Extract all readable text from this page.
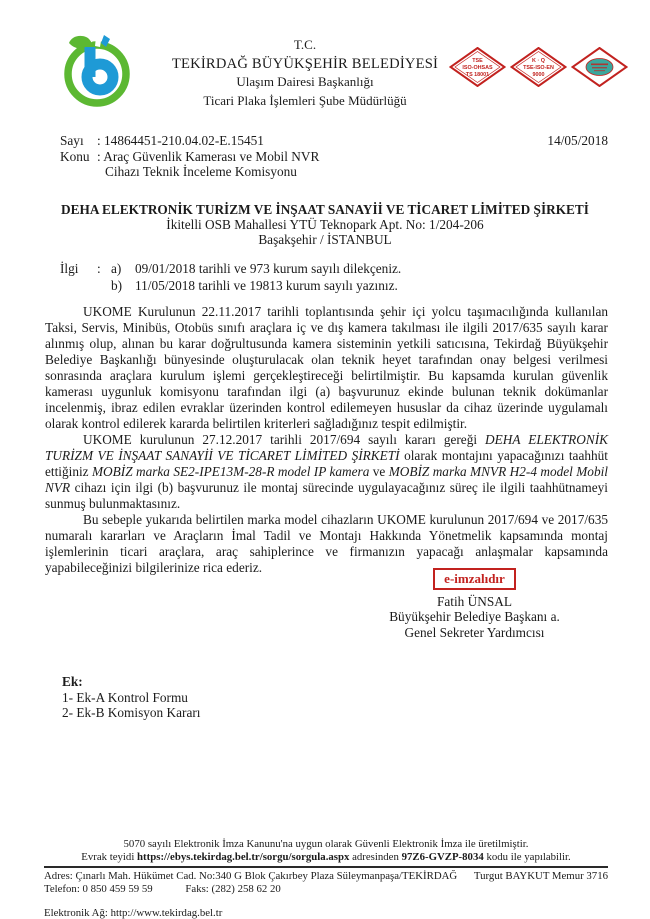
T.C.
TEKİRDAĞ BÜYÜKŞEHİR BELEDİYESİ
Ulaşım Dairesi Başkanlığı
Ticari Plaka İşlemleri Şube Müdürlüğü
TSE
ISO-OHSAS
TS 18001
K · Q
TSE-ISO-EN
9000
Sayı	: 14864451-210.04.02-E.15451	14/05/2018
Konu : Araç Güvenlik Kamerası ve Mobil NVR
Cihazı Teknik İnceleme Komisyonu
DEHA ELEKTRONİK TURİZM VE İNŞAAT SANAYİİ VE TİCARET LİMİTED ŞİRKETİ
İkitelli OSB Mahallesi YTÜ Teknopark Apt. No: 1/204-206
Başakşehir / İSTANBUL
İlgi	: a)	09/01/2018 tarihli ve 973 kurum sayılı dilekçeniz.
b) 11/05/2018 tarihli ve 19813 kurum sayılı yazınız.

UKOME Kurulunun 22.11.2017 tarihli toplantısında şehir içi yolcu taşımacılığında kullanılan Taksi, Servis, Minibüs, Otobüs sınıfı araçlara iç ve dış kamera takılması ile ilgili 2017/635 sayılı karar alınmış olup, alınan bu karar doğrultusunda kamera sisteminin yetkili satıcısına, Tekirdağ Büyükşehir Belediye Başkanlığı bünyesinde oluşturulacak olan teknik heyet tarafından onay belgesi verilmesi sonrasında araçlara kurulum işlemi gerçekleştireceği belirtilmiştir. Bu kapsamda kurulan güvenlik kamerası uygunluk komisyonu tarafından ilgi (a) başvurunuz ekinde bulunan teknik dokümanlar incelenmiş, ibraz edilen evraklar üzerinden kontrol edilemeyen hususlar da cihaz üzerinde uygulamalı olarak kontrol edilerek kararda belirtilen kriterleri sağladığınız tespit edilmiştir.

UKOME kurulunun 27.12.2017 tarihli 2017/694 sayılı kararı gereği DEHA ELEKTRONİK TURİZM VE İNŞAAT SANAYİİ VE TİCARET LİMİTED ŞİRKETİ olarak montajını yapacağınızı taahhüt ettiğiniz MOBİZ marka SE2-IPE13M-28-R model IP kamera ve MOBİZ marka MNVR H2-4 model Mobil NVR cihazı için ilgi (b) başvurunuz ile montaj sürecinde uygulayacağınız süreç ile ilgili taahhütnameyi sunmuş bulunmaktasınız.

Bu sebeple yukarıda belirtilen marka model cihazların UKOME kurulunun 2017/694 ve 2017/635 numaralı kararları ve Araçların İmal Tadil ve Montajı Hakkında Yönetmelik kapsamında montaj işlemlerinin ticari araçlara, araç sahiplerince ve firmanızın yapacağı anlaşmalar kapsamında yapabileceğinizi bilgilerinize rica ederiz.

e-imzalıdır
Fatih ÜNSAL
Büyükşehir Belediye Başkanı a.
Genel Sekreter Yardımcısı
Ek:
1- Ek-A Kontrol Formu
2- Ek-B Komisyon Kararı
5070 sayılı Elektronik İmza Kanunu'na uygun olarak Güvenli Elektronik İmza ile üretilmiştir.
Evrak teyidi https://ebys.tekirdag.bel.tr/sorgu/sorgula.aspx adresinden 97Z6-GVZP-8034 kodu ile yapılabilir.
Adres: Çınarlı Mah. Hükümet Cad. No:340 G Blok Çakırbey Plaza Süleymanpaşa/TEKİRDAĞ Turgut BAYKUT Memur 3716
Telefon: 0 850 459 59 59	Faks: (282) 258 62 20
Elektronik Ağ: http://www.tekirdag.bel.tr
